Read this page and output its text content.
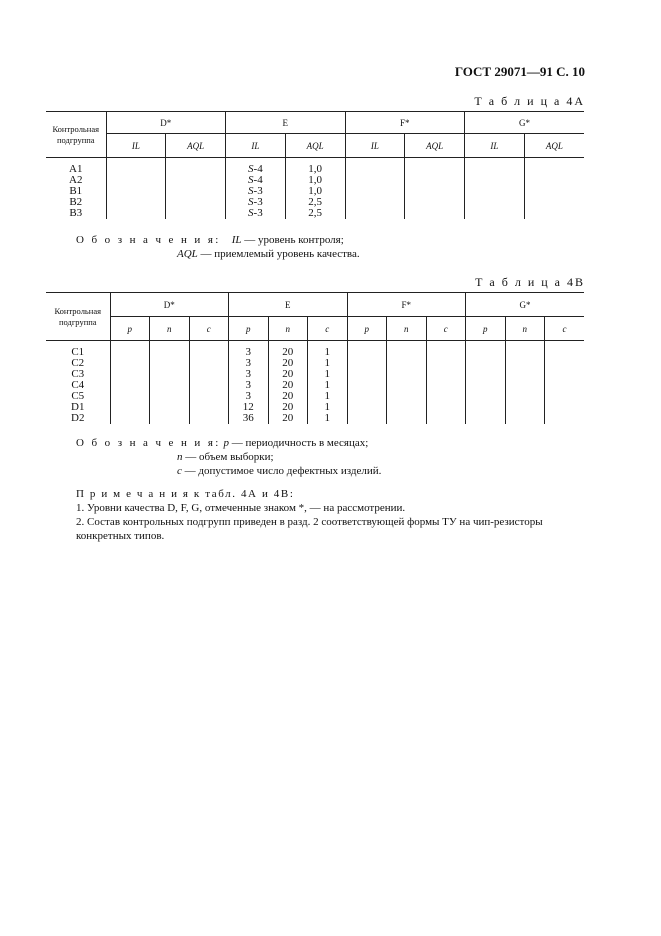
ГОСТ 29071—91 С. 10
Т а б л и ц а 4А
Контрольная подгруппа	D*		E		F*		G*	
	IL	AQL	IL	AQL	IL	AQL	IL	AQL

A1			S-4	1,0				
A2			S-4	1,0				
B1			S-3	1,0				
B2			S-3	2,5				
B3			S-3	2,5				
О б о з н а ч е н и я: IL — уровень контроля;
AQL — приемлемый уровень качества.
Т а б л и ц а 4В
Контрольная подгруппа	D*			E			F*			G*		
	p	n	c	p	n	c	p	n	c	p	n	c

C1				3	20	1						
C2				3	20	1						
C3				3	20	1						
C4				3	20	1						
C5				3	20	1						
D1				12	20	1						
D2				36	20	1						
О б о з н а ч е н и я: p — периодичность в месяцах;
n — объем выборки;
c — допустимое число дефектных изделий.

П р и м е ч а н и я к табл. 4А и 4В:

1. Уровни качества D, F, G, отмеченные знаком *, — на рассмотрении.

2. Состав контрольных подгрупп приведен в разд. 2 соответствующей формы ТУ на чип-резисторы конкретных типов.
